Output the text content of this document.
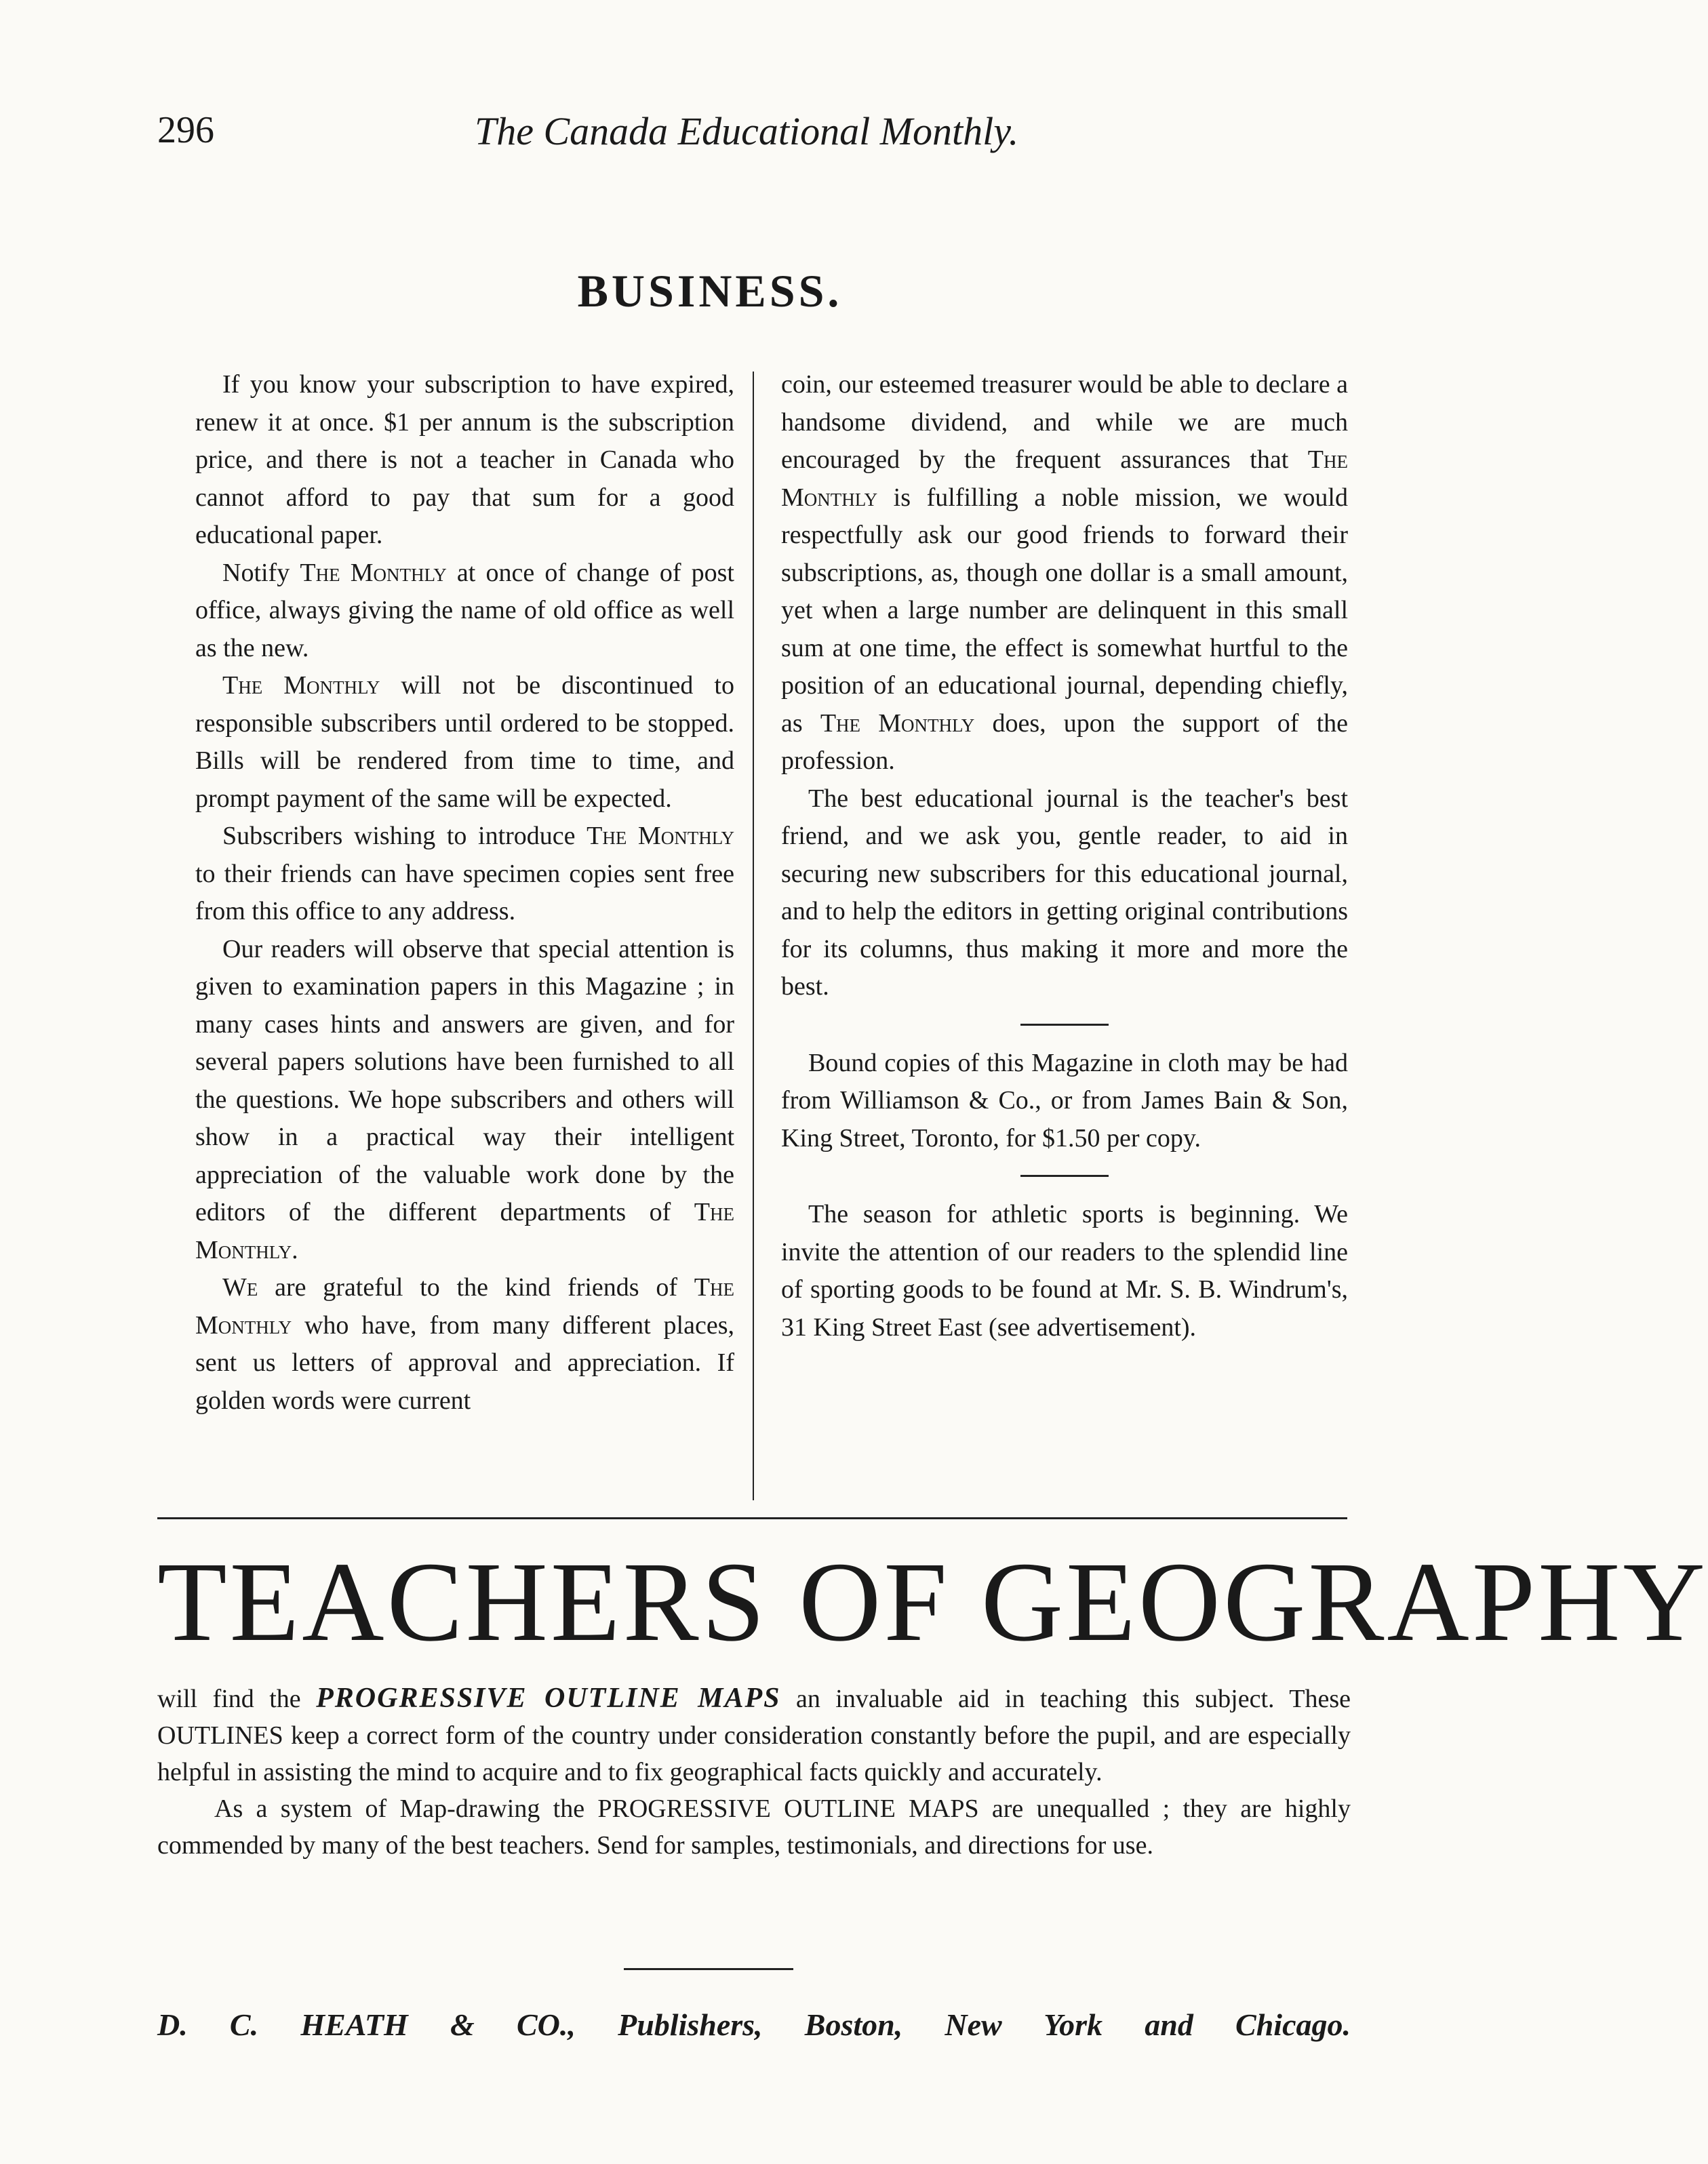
296	The Canada Educational Monthly.
BUSINESS.

If you know your subscription to have expired, renew it at once. $1 per annum is the subscription price, and there is not a teacher in Canada who cannot afford to pay that sum for a good educational paper.

Notify The Monthly at once of change of post office, always giving the name of old office as well as the new.

The Monthly will not be discontinued to responsible subscribers until ordered to be stopped. Bills will be rendered from time to time, and prompt payment of the same will be expected.

Subscribers wishing to introduce The Monthly to their friends can have specimen copies sent free from this office to any address.

Our readers will observe that special attention is given to examination papers in this Magazine ; in many cases hints and answers are given, and for several papers solutions have been furnished to all the questions. We hope subscribers and others will show in a practical way their intelligent appreciation of the valuable work done by the editors of the different departments of The Monthly.

We are grateful to the kind friends of The Monthly who have, from many different places, sent us letters of approval and appreciation. If golden words were current

coin, our esteemed treasurer would be able to declare a handsome dividend, and while we are much encouraged by the frequent assurances that The Monthly is fulfilling a noble mission, we would respectfully ask our good friends to forward their subscriptions, as, though one dollar is a small amount, yet when a large number are delinquent in this small sum at one time, the effect is somewhat hurtful to the position of an educational journal, depending chiefly, as The Monthly does, upon the support of the profession.

The best educational journal is the teacher's best friend, and we ask you, gentle reader, to aid in securing new subscribers for this educational journal, and to help the editors in getting original contributions for its columns, thus making it more and more the best.

Bound copies of this Magazine in cloth may be had from Williamson & Co., or from James Bain & Son, King Street, Toronto, for $1.50 per copy.

The season for athletic sports is beginning. We invite the attention of our readers to the splendid line of sporting goods to be found at Mr. S. B. Windrum's, 31 King Street East (see advertisement).

TEACHERS OF GEOGRAPHY

will find the PROGRESSIVE OUTLINE MAPS an invaluable aid in teaching this subject. These OUTLINES keep a correct form of the country under consideration constantly before the pupil, and are especially helpful in assisting the mind to acquire and to fix geographical facts quickly and accurately.

As a system of Map-drawing the PROGRESSIVE OUTLINE MAPS are unequalled ; they are highly commended by many of the best teachers. Send for samples, testimonials, and directions for use.

D. C. HEATH & CO., Publishers, Boston, New York and Chicago.
